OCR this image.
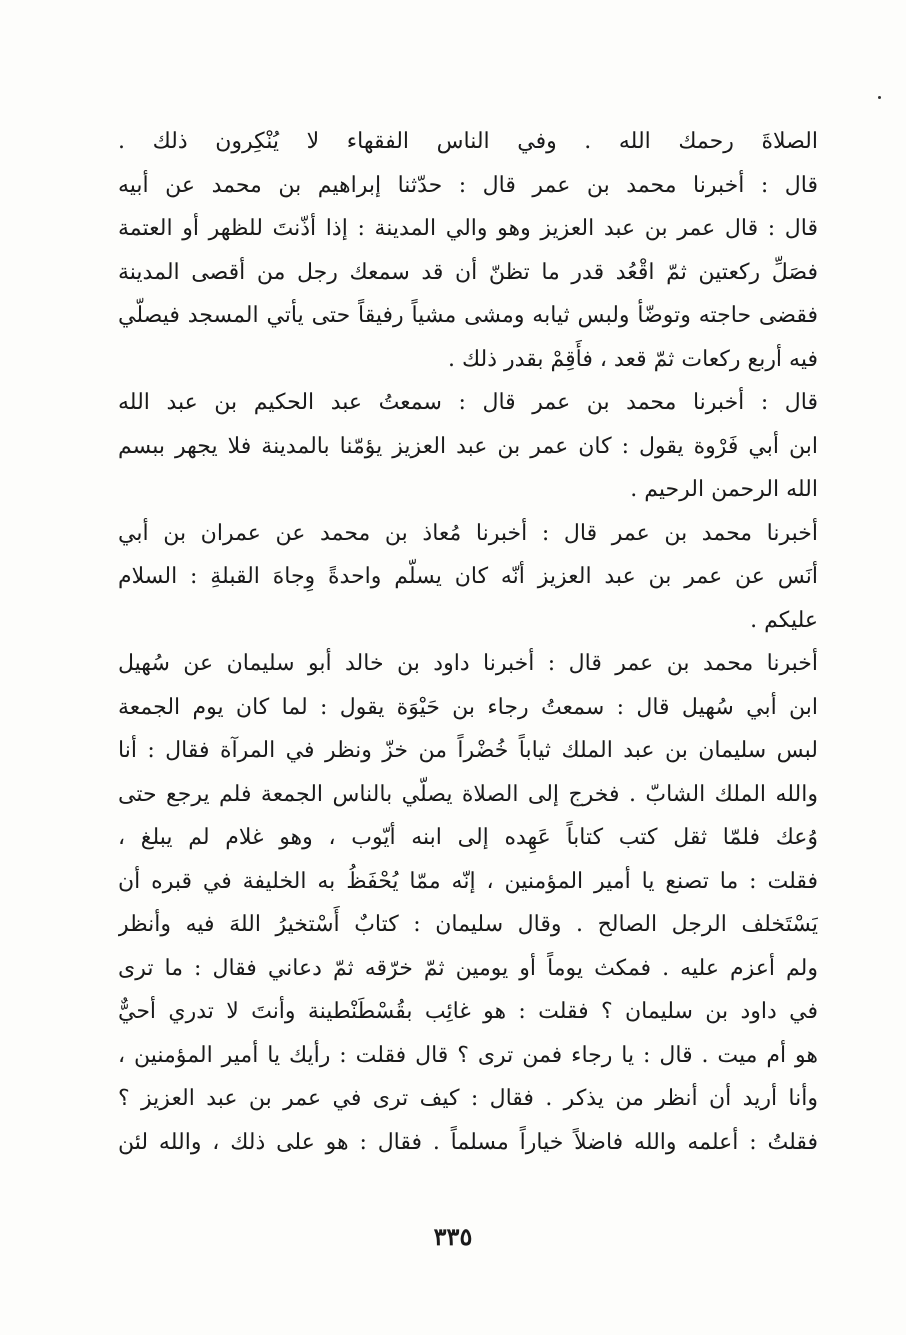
الصلاةَ رحمك الله . وفي الناس الفقهاء لا يُنْكِرون ذلك .
قال : أخبرنا محمد بن عمر قال : حدّثنا إبراهيم بن محمد عن أبيه
قال : قال عمر بن عبد العزيز وهو والي المدينة : إذا أذّنتَ للظهر أو العتمة
فصَلِّ ركعتين ثمّ اقْعُد قدر ما تظنّ أن قد سمعك رجل من أقصى المدينة
فقضى حاجته وتوضّأ ولبس ثيابه ومشى مشياً رفيقاً حتى يأتي المسجد فيصلّي
فيه أربع ركعات ثمّ قعد ، فأَقِمْ بقدر ذلك .
قال : أخبرنا محمد بن عمر قال : سمعتُ عبد الحكيم بن عبد الله
ابن أبي فَرْوة يقول : كان عمر بن عبد العزيز يؤمّنا بالمدينة فلا يجهر ببسم
الله الرحمن الرحيم .
أخبرنا محمد بن عمر قال : أخبرنا مُعاذ بن محمد عن عمران بن أبي
أنَس عن عمر بن عبد العزيز أنّه كان يسلّم واحدةً وِجاهَ القبلةِ : السلام
عليكم .
أخبرنا محمد بن عمر قال : أخبرنا داود بن خالد أبو سليمان عن سُهيل
ابن أبي سُهيل قال : سمعتُ رجاء بن حَيْوَة يقول : لما كان يوم الجمعة
لبس سليمان بن عبد الملك ثياباً خُضْراً من خزّ ونظر في المرآة فقال : أنا
والله الملك الشابّ . فخرج إلى الصلاة يصلّي بالناس الجمعة فلم يرجع حتى
وُعك فلمّا ثقل كتب كتاباً عَهِده إلى ابنه أيّوب ، وهو غلام لم يبلغ ،
فقلت : ما تصنع يا أمير المؤمنين ، إنّه ممّا يُحْفَظُ به الخليفة في قبره أن
يَسْتَخلف الرجل الصالح . وقال سليمان : كتابٌ أَسْتخيرُ اللهَ فيه وأنظر
ولم أعزم عليه . فمكث يوماً أو يومين ثمّ خرّقه ثمّ دعاني فقال : ما ترى
في داود بن سليمان ؟ فقلت : هو غائِب بقُسْطَنْطينة وأنتَ لا تدري أحيٌّ
هو أم ميت . قال : يا رجاء فمن ترى ؟ قال فقلت : رأيك يا أمير المؤمنين ،
وأنا أريد أن أنظر من يذكر . فقال : كيف ترى في عمر بن عبد العزيز ؟
فقلتُ : أعلمه والله فاضلاً خياراً مسلماً . فقال : هو على ذلك ، والله لئن
٣٣٥
